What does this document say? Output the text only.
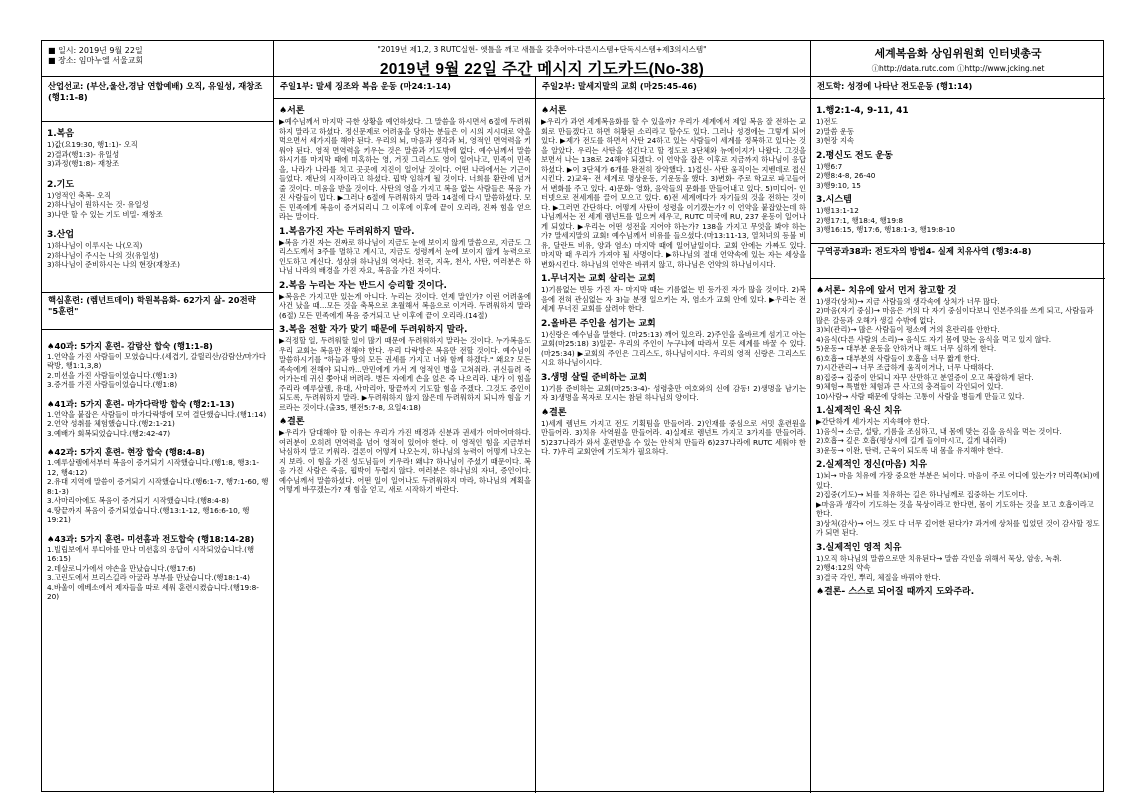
■ 일시: 2019년 9월 22일
■ 장소: 임마누엘 서울교회
"2019년 제1,2, 3 RUTC실현- 엣틀을 깨고 새틀을 갖추어야-다른시스템+단독시스템+제3의시스템"
2019년 9월 22일 주간 메시지 기도카드(No-38)
세계복음화 상임위원회 인터넷총국
ⓘhttp://data.rutc.com ⓘhttp://www.jcking.net
산업선교: (부산,울산,경남 연합예배) 오직, 유일성, 재창조 (행1:1-8)
1.복음
1)값(요19:30, 행1:1)- 오직
2)결과(행1:3)- 유일성
3)과정(행1:8)- 재창조
2.기도
1)영적인 축복- 오직
2)하나님이 원하시는 것- 유일성
3)나만 할 수 있는 기도 비밀- 재창조
3.산업
1)하나님이 이루시는 나(오직)
2)하나님이 주시는 나의 것(유일성)
3)하나님이 준비하시는 나의 현장(재창조)
핵심훈련: (렘넌트데이) 학원복음화- 62가지 삶- 20전략 "5훈련"
♠40과: 5가지 훈련- 감람산 합숙 (행1:1-8)
1.언약을 가진 사람들이 모였습니다.(세겹기, 갈릴리산/감람산/마가다락방, 행1:1,3,8)
2.미션을 가진 사람들이었습니다.(행1:3)
3.증거를 가진 사람들이었습니다.(행1:8)
♠41과: 5가지 훈련- 마가다락방 합숙 (행2:1-13)
1.언약을 붙잡은 사람들이 마가다락방에 모여 결단했습니다.(행1:14)
2.언약 성취를 체험했습니다.(행2:1-21)
3.예배가 회복되었습니다.(행2:42-47)
♠42과: 5가지 훈련- 현장 합숙 (행8:4-8)
1.예루살렘에서부터 복음이 증거되기 시작했습니다.(행1:8, 행3:1-12, 행4:12)
2.유대 지역에 말씀이 증거되기 시작했습니다.(행6:1-7, 행7:1-60, 행8:1-3)
3.사마리아에도 복음이 증거되기 시작했습니다.(행8:4-8)
4.땅끝까지 복음이 증거되었습니다.(행13:1-12, 행16:6-10, 행19:21)
♠43과: 5가지 훈련- 미션홈과 전도합숙 (행18:14-28)
1.빌립보에서 루디아를 만나 미션홈의 응답이 시작되었습니다.(행16:15)
2.데살로니가에서 야손을 만났습니다.(행17:6)
3.고린도에서 브리스길라 아굴라 부부를 만났습니다.(행18:1-4)
4.바울이 에베소에서 제자들을 따로 세워 훈련시켰습니다.(행19:8-20)
주일1부: 말세 징조와 복음 운동 (마24:1-14)
♠서론
▶예수님께서 마지막 극한 상황을 예언하셨다. 그 말씀을 하시면서 6절에 두려워하지 말라고 하셨다. 정신문제로 어려움을 당하는 분들은 이 시의 지시대로 약을 먹으면서 세가지를 해야 된다. 우리의 뇌, 마음과 생각과 뇌, 영적인 면역력을 키워야 된다. 영적 면역력을 키우는 것은 말씀과 기도밖에 없다. 예수님께서 말씀하시기를 마지막 때에 미혹하는 영, 거짓 그리스도 영이 일어나고, 민족이 민족을, 나라가 나라를 치고 곳곳에 지진이 일어날 것이다. 어떤 나라에서는 기근이 들었다. 재난의 시작이라고 하셨다. 핍박 임하게 될 것이다. 너희를 환란에 넘겨줄 것이다. 미움을 받을 것이다. 사탄의 영을 가지고 복음 없는 사람들은 복음 가진 사람들이 밉다. ▶그러나 6절에 두려워하지 말라 14절에 다시 말씀하셨다. 모든 민족에게 복음이 증거되리니 그 이후에 이후에 끝이 오리라, 진짜 힘을 얻으라는 말이다.
1.복음가진 자는 두려워하지 말라.
▶복음 가진 자는 진짜로 하나님이 지금도 눈에 보이지 않게 말씀으로, 지금도 그리스도께서 3주를 멸하고 계시고, 지금도 성령께서 눈에 보이지 않게 능력으로 인도하고 계신다. 성삼위 하나님의 역사다. 천국, 지옥, 천사, 사탄, 여러분은 하나님 나라의 배경을 가진 자요, 복음을 가진 자이다.
2.복음 누리는 자는 반드시 승리할 것이다.
▶복음은 가지고만 있는게 아니다. 누리는 것이다. 언제 말인가? 이런 어려움에 사건 났을 때...모든 것을 축복으로 초월해서 복음으로 이겨라. 두려워하지 말라(6절) 모든 민족에게 복음 증거되고 난 이후에 끝이 오리라.(14절)
3.복음 전할 자가 맞기 때문에 두려워하지 말라.
▶걱정할 일, 두려워할 일이 많기 때문에 두려워하지 말라는 것이다. 누가복음도 우리 교회는 복음만 전해야 한다. 우리 다락방은 복음만 전할 것이다. 예수님이 말씀하시기를 "하늘과 땅의 모든 권세를 가지고 너와 함께 하겠다." 왜요? 모든 족속에게 전해야 되니까...만민에게 가서 게 영적인 병을 고쳐줘라. 귀신들려 죽어가는데 귀신 쫓아내 버려라. 병든 자에게 손을 얹은 즉 나으리라. 내가 이 힘을 주리라 예루살렘, 유대, 사마리아, 땅끝까지 기도할 힘을 주겠다. 그것도 증인이 되도록, 두려워하지 말라. ▶두려워하지 않지 않은데 두려워하지 되니까 힘을 기르라는 것이다.(출35, 벧전5:7-8, 요일4:18)
♠결론
▶우리가 담대해야 할 이유는 우리가 가진 배경과 신분과 권세가 어마어마하다. 여러분이 오히려 면역력을 넘어 영적이 있어야 한다. 이 영적인 힘을 지금부터 낙심하지 말고 키워라. 결론이 어떻게 나오는지, 하나님의 능력이 어떻게 나오는지 보라. 이 힘을 가진 성도님들이 키우라! 왜냐? 하나님이 주셨기 때문이다. 복음 가진 사람은 죽음, 핍박이 두렵지 않다. 여러분은 하나님의 자녀, 증인이다. 예수님께서 말씀하셨다. 어떤 일이 일어나도 두려워하지 마라, 하나님의 계획을 어떻게 바꾸겠는가? 재 힘을 얻고, 새로 시작하기 바란다.
주일2부: 말세지말의 교회 (마25:45-46)
♠서론
▶우리가 과연 세계복음화를 할 수 있을까? 우리가 세계에서 제일 복음 잘 전하는 교회로 만들겠다고 하면 허황된 소리라고 할수도 있다. 그러나 성경에는 그렇게 되어있다. ▶제가 전도를 하면서 사탄 24하고 있는 사람들이 세계를 정복하고 있다는 것을 알았다. 우리는 사탄을 섬긴다고 할 정도로 3단체와 뉴에이지가 나왔다. 그것을 보면서 나는 138로 24해야 되겠다. 이 언약을 잡은 이후로 지금까지 하나님이 응답하셨다. ▶이 3단체가 6개를 완전히 장악했다. 1)접신- 사탄 움직이는 지벤데로 접신 시킨다. 2)교육- 전 세계로 명상운동, 기운동을 했다. 3)변화- 주로 학교로 파고들어서 변화를 주고 있다. 4)문화- 영화, 음악들의 문화를 만들어내고 있다. 5)미디어- 인터넷으로 전세계를 끌어 모으고 있다. 6)전 세계에다가 자기들의 것을 전하는 것이다. ▶그러면 간단하다. 어떻게 사탄이 성령을 이기겠는가? 이 언약을 붙잡았는데 하나님께서는 전 세계 렘넌트를 일으켜 세우고, RUTC 미국에 RU, 237 운동이 일어나게 되었다. ▶우리는 어떤 성전을 지어야 하는가? 138을 가지고 무엇을 봐야 하는가? 말세지말의 교회! 예수님께서 비유를 들으셨다.(마13:11-13, 열처녀의 등불 비유, 달란트 비유, 양과 염소) 마지막 때에 일어날일이다. 교회 안에는 가짜도 있다. 마지막 때 우리가 가져야 될 사명이다. ▶하나님의 절대 언약속에 있는 자는 세상을 변화시킨다. 하나님의 언약은 바뀌지 않고, 하나님은 언약의 하나님이시다.
1.무너지는 교회 살리는 교회
1)기름없는 빈등 가진 자- 마지막 때는 기름없는 빈 등가진 자가 많을 것이다. 2)복음에 전혀 관심없는 자 3)늘 분쟁 일으키는 자, 염소가 교회 안에 있다. ▶우리는 전세계 무너진 교회를 살려야 한다.
2.올바른 주인을 섬기는 교회
1)신랑은 예수님을 말한다. (마25:13) 깨어 있으라. 2)주인을 올바르게 섬기고 아는 교회(마25:18) 3)일꾼- 우리의 주인이 누구냐에 따라서 모든 세계를 바꿀 수 있다.(마25:34) ▶교회의 주인은 그리스도, 하나님이시다. 우리의 영적 신랑은 그리스도시요 하나님이시다.
3.생명 살릴 준비하는 교회
1)기름 준비하는 교회(마25:3-4)- 성령충만 여호와의 신에 감동! 2)생명을 남기는 자 3)생명을 목자로 모시는 참된 하나님의 양이다.
♠결론
1)세계 렘넌트 가지고 전도 기획팀을 만들어라. 2)인재를 중심으로 서밋 훈련원을 만들어라. 3)치유 사역원을 만들어라. 4)실제로 렘넌트 가지고 3가지를 만들어라. 5)237나라가 와서 훈련받을 수 있는 안식처 만들라 6)237나라에 RUTC 세워야 한다. 7)우리 교회안에 기도처가 필요하다.
전도학: 성경에 나타난 전도운동 (행1:14)
1.행2:1-4, 9-11, 41
1)전도
2)말씀 운동
3)현장 지속
2.평신도 전도 운동
1)행6:7
2)행8:4-8, 26-40
3)행9:10, 15
3.시스템
1)행13:1-12
2)행17:1, 행18:4, 행19:8
3)행16:15, 행17:6, 행18:1-3, 행19:8-10
구역공과38과: 전도자의 방법4- 실제 치유사역 (행3:4-8)
♠서론- 치유에 앞서 먼저 참고할 것
1)생각(상처)→ 지금 사람들의 생각속에 상처가 너무 많다.
2)마음(자기 중심)→ 마음은 거의 다 자기 중심이다보니 인본주의를 쓰게 되고, 사람들과 많은 갈등과 오해가 생길 수밖에 없다.
3)뇌(관리)→ 많은 사람들이 평소에 거의 혼란리를 안한다.
4)음식(다른 사람의 소리)→ 음식도 자기 몸에 맞는 음식을 먹고 있지 않다.
5)운동→ 대부분 운동을 안하거나 해도 너무 심하게 한다.
6)호흡→ 대부분의 사람들이 호흡을 너무 짧게 한다.
7)시간관리→ 너무 조급하게 움직이거나, 너무 나태하다.
8)집중→ 집중이 안되니 자꾸 산만하고 분열증이 오고 복잡하게 된다.
9)체험→ 특별한 체험과 큰 사고의 충격들이 각인되어 있다.
10)사람→ 사람 때문에 당하는 고통이 사람을 병들게 만들고 있다.
1.실제적인 육신 치유
▶간단하게 세가지는 지속해야 한다.
1)음식→ 소금, 설탕, 기름을 조심하고, 내 몸에 맞는 김을 음식을 먹는 것이다.
2)호흡→ 깊은 호흡(평상시에 길게 들이마시고, 길게 내쉬라)
3)운동→ 이완, 탄력, 근육이 되도록 내 몸을 유지해야 한다.
2.실제적인 정신(마음) 치유
1)뇌→ 마음 치유에 가장 중요한 부분은 뇌이다. 마음이 주로 어디에 있는가? 머리쪽(뇌)에 있다.
2)집중(기도)→ 뇌를 치유하는 길은 하나님께로 집중하는 기도이다.
▶마음과 생각이 기도하는 것을 묵상이라고 한다면, 몸이 기도하는 것을 보고 호흡이라고 한다.
3)상처(감사)→ 어느 것도 다 너무 깊어한 된다가? 과거에 상처를 입었던 것이 감사할 정도가 되면 된다.
3.실제적인 영적 치유
1)오직 하나님의 말씀으로만 치유된다→ 말씀 각인을 위해서 묵상, 암송, 녹취.
2)행4:12의 약속
3)결국 각인, 뿌리, 체질을 바꿔야 한다.
♠결론- 스스로 되어질 때까지 도와주라.
